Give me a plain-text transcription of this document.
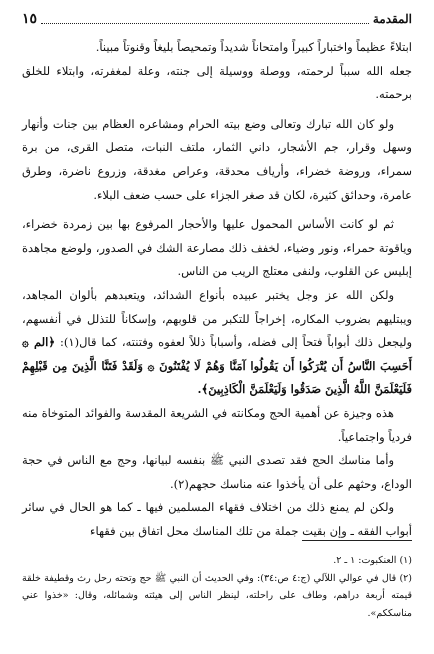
المقدمة
١٥

ابتلاءً عظيماً واختباراً كبيراً وامتحاناً شديداً وتمحيصاً بليغاً وقنوتاً مبيناً.

جعله الله سبباً لرحمته، ووصلة ووسيلة إلى جنته، وعلة لمغفرته، وابتلاء للخلق برحمته.

ولو كان الله تبارك وتعالى وضع بيته الحرام ومشاعره العظام بين جنات وأنهار وسهل وقرار، جم الأشجار، داني الثمار، ملتف النبات، متصل القرى، من برة سمراء، وروضة خضراء، وأرياف محدقة، وعراص مغدقة، وزروع ناضرة، وطرق عامرة، وحدائق كثيرة، لكان قد صغر الجزاء على حسب ضعف البلاء.

ثم لو كانت الأساس المحمول عليها والأحجار المرفوع بها بين زمردة خضراء، وياقوتة حمراء، ونور وضياء، لخفف ذلك مصارعة الشك في الصدور، ولوضع مجاهدة إبليس عن القلوب، ولنفى معتلج الريب من الناس.

ولكن الله عز وجل يختبر عبيده بأنواع الشدائد، ويتعبدهم بألوان المجاهد، ويبتليهم بضروب المكاره، إخراجاً للتكبر من قلوبهم، وإسكاناً للتذلل في أنفسهم، وليجعل ذلك أبواباً فتحاً إلى فضله، وأسباباً ذللاً لعفوه وفتنته، كما قال(١): ﴿الم ۞ أَحَسِبَ النَّاسُ أَن يُتْرَكُوا أَن يَقُولُوا آمَنَّا وَهُمْ لَا يُفْتَنُونَ ۞ وَلَقَدْ فَتَنَّا الَّذِينَ مِن قَبْلِهِمْ فَلَيَعْلَمَنَّ اللَّهُ الَّذِينَ صَدَقُوا وَلَيَعْلَمَنَّ الْكَاذِبِينَ﴾.

هذه وجيزة عن أهمية الحج ومكانته في الشريعة المقدسة والفوائد المتوخاة منه فردياً واجتماعياً.

وأما مناسك الحج فقد تصدى النبي ﷺ بنفسه لبيانها، وحج مع الناس في حجة الوداع، وحثهم على أن يأخذوا عنه مناسك حجهم(٢).

ولكن لم يمنع ذلك من اختلاف فقهاء المسلمين فيها ـ كما هو الحال في سائر أبواب الفقه ـ وإن بقيت جملة من تلك المناسك محل اتفاق بين فقهاء

(١) العنكبوت: ١ ـ ٢.

(٢) قال في عوالي اللآلي (ج:٤ ص:٣٤): وفي الحديث أن النبي ﷺ حج وتحته رحل رث وقطيفة خلقة قيمته أربعة دراهم، وطاف على راحلته، لينظر الناس إلى هيئته وشمائله، وقال: «خذوا عني مناسككم».
